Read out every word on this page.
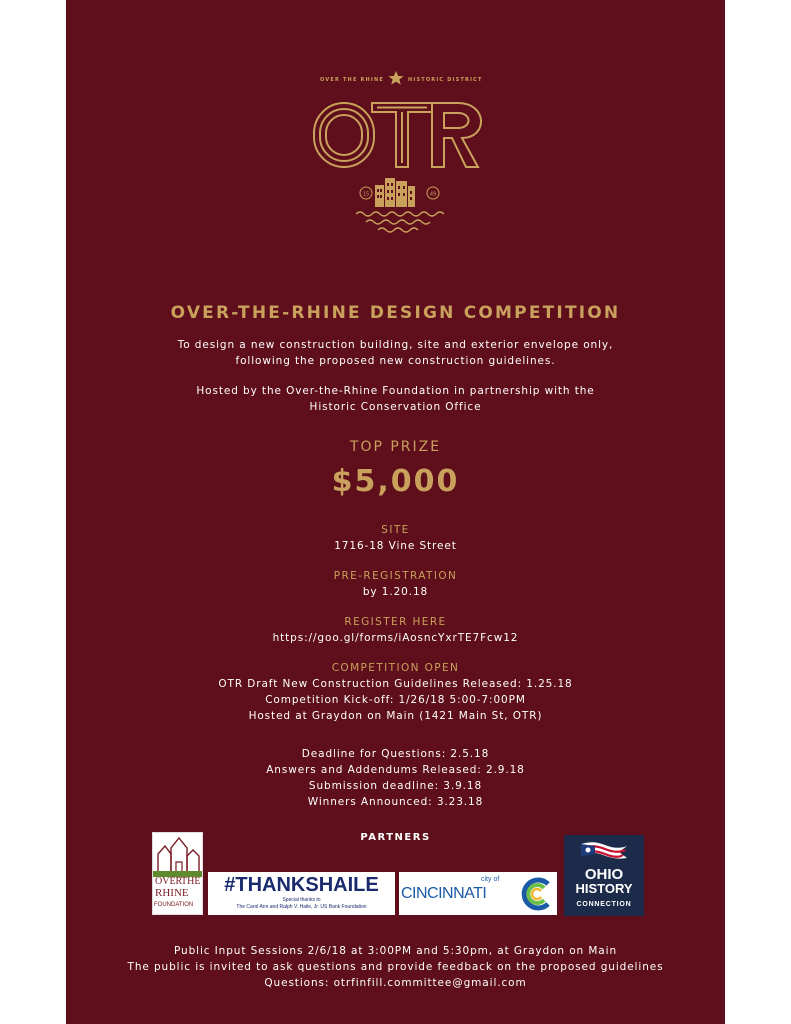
OVER THE RHINE	HISTORIC DISTRICT
15	49
OVER-THE-RHINE DESIGN COMPETITION
To design a new construction building, site and exterior envelope only,
following the proposed new construction guidelines.
Hosted by the Over-the-Rhine Foundation in partnership with the
Historic Conservation Office
TOP PRIZE
$5,000
SITE
1716-18 Vine Street
PRE-REGISTRATION
by 1.20.18
REGISTER HERE
https://goo.gl/forms/iAosncYxrTE7Fcw12
COMPETITION OPEN
OTR Draft New Construction Guidelines Released: 1.25.18
Competition Kick-off: 1/26/18 5:00-7:00PM
Hosted at Graydon on Main (1421 Main St, OTR)
Deadline for Questions: 2.5.18
Answers and Addendums Released: 2.9.18
Submission deadline: 3.9.18
Winners Announced: 3.23.18
PARTNERS
OVER
THE
RHINE
FOUNDATION
#THANKSHAILE
Special thanks to
The Carol Ann and Ralph V. Haile, Jr. US Bank Foundation
city of
CINCINNATI
OHIO
HISTORY
CONNECTION
Public Input Sessions 2/6/18 at 3:00PM and 5:30pm, at Graydon on Main
The public is invited to ask questions and provide feedback on the proposed guidelines
Questions: otrfinfill.committee@gmail.com
